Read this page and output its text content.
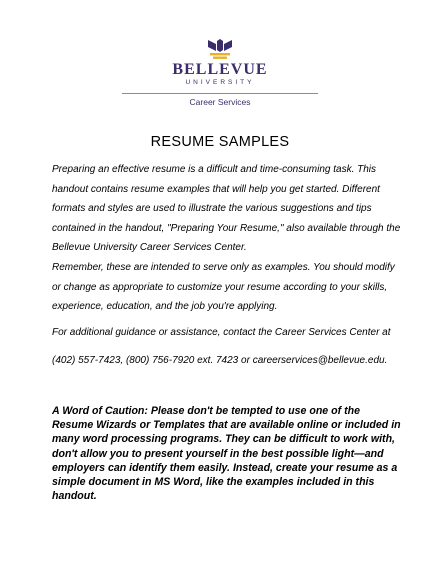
BELLEVUE
UNIVERSITY
Career Services
RESUME SAMPLES
Preparing an effective resume is a difficult and time-consuming task. This handout contains resume examples that will help you get started. Different formats and styles are used to illustrate the various suggestions and tips contained in the handout, "Preparing Your Resume," also available through the Bellevue University Career Services Center.
Remember, these are intended to serve only as examples. You should modify or change as appropriate to customize your resume according to your skills, experience, education, and the job you're applying.
For additional guidance or assistance, contact the Career Services Center at
(402) 557-7423, (800) 756-7920 ext. 7423 or careerservices@bellevue.edu.
A Word of Caution: Please don't be tempted to use one of the Resume Wizards or Templates that are available online or included in many word processing programs. They can be difficult to work with, don't allow you to present yourself in the best possible light—and employers can identify them easily. Instead, create your resume as a simple document in MS Word, like the examples included in this handout.
